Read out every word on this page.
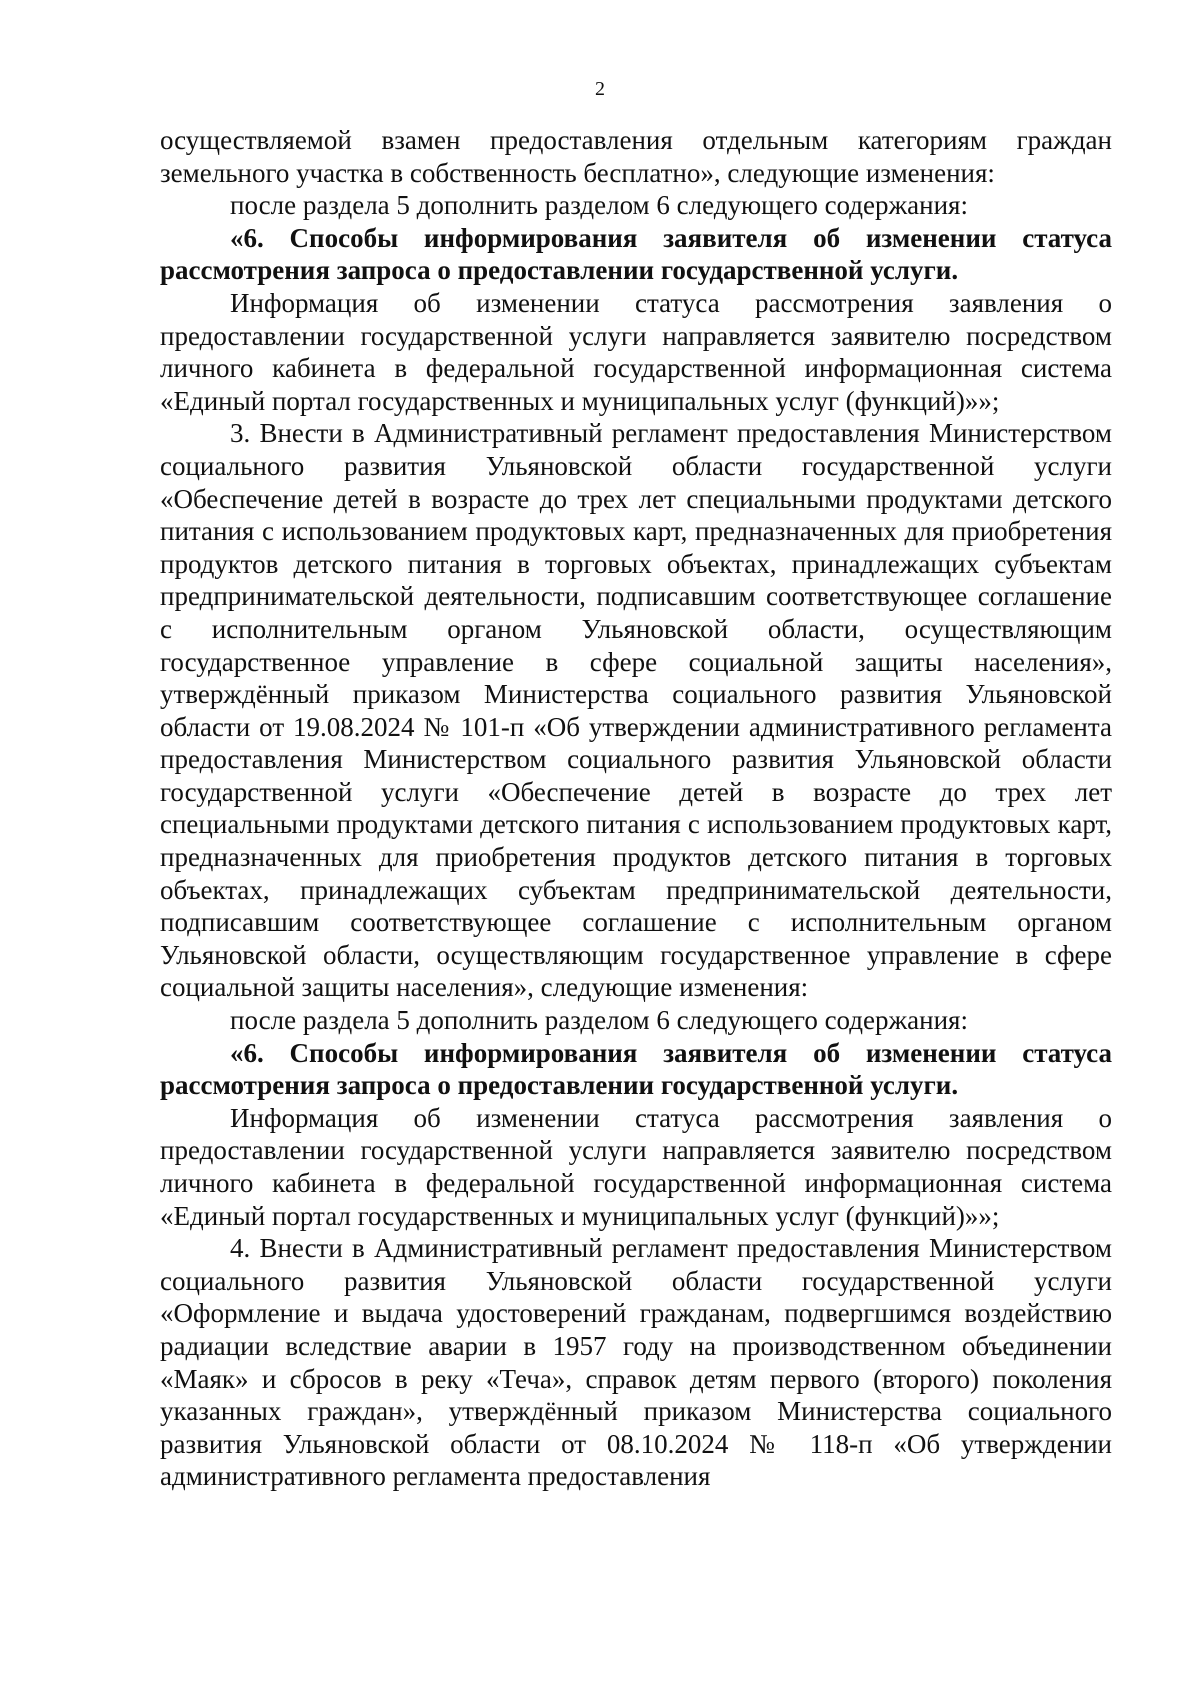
2

осуществляемой взамен предоставления отдельным категориям граждан земельного участка в собственность бесплатно», следующие изменения:

после раздела 5 дополнить разделом 6 следующего содержания:

«6. Способы информирования заявителя об изменении статуса рассмотрения запроса о предоставлении государственной услуги.

Информация об изменении статуса рассмотрения заявления о предоставлении государственной услуги направляется заявителю посредством личного кабинета в федеральной государственной информационная система «Единый портал государственных и муниципальных услуг (функций)»»;

3. Внести в Административный регламент предоставления Министерством социального развития Ульяновской области государственной услуги «Обеспечение детей в возрасте до трех лет специальными продуктами детского питания с использованием продуктовых карт, предназначенных для приобретения продуктов детского питания в торговых объектах, принадлежащих субъектам предпринимательской деятельности, подписавшим соответствующее соглашение с исполнительным органом Ульяновской области, осуществляющим государственное управление в сфере социальной защиты населения», утверждённый приказом Министерства социального развития Ульяновской области от 19.08.2024 № 101-п «Об утверждении административного регламента предоставления Министерством социального развития Ульяновской области государственной услуги «Обеспечение детей в возрасте до трех лет специальными продуктами детского питания с использованием продуктовых карт, предназначенных для приобретения продуктов детского питания в торговых объектах, принадлежащих субъектам предпринимательской деятельности, подписавшим соответствующее соглашение с исполнительным органом Ульяновской области, осуществляющим государственное управление в сфере социальной защиты населения», следующие изменения:

после раздела 5 дополнить разделом 6 следующего содержания:

«6. Способы информирования заявителя об изменении статуса рассмотрения запроса о предоставлении государственной услуги.

Информация об изменении статуса рассмотрения заявления о предоставлении государственной услуги направляется заявителю посредством личного кабинета в федеральной государственной информационная система «Единый портал государственных и муниципальных услуг (функций)»»;

4. Внести в Административный регламент предоставления Министерством социального развития Ульяновской области государственной услуги «Оформление и выдача удостоверений гражданам, подвергшимся воздействию радиации вследствие аварии в 1957 году на производственном объединении «Маяк» и сбросов в реку «Теча», справок детям первого (второго) поколения указанных граждан», утверждённый приказом Министерства социального развития Ульяновской области от 08.10.2024 № 118-п «Об утверждении административного регламента предоставления
